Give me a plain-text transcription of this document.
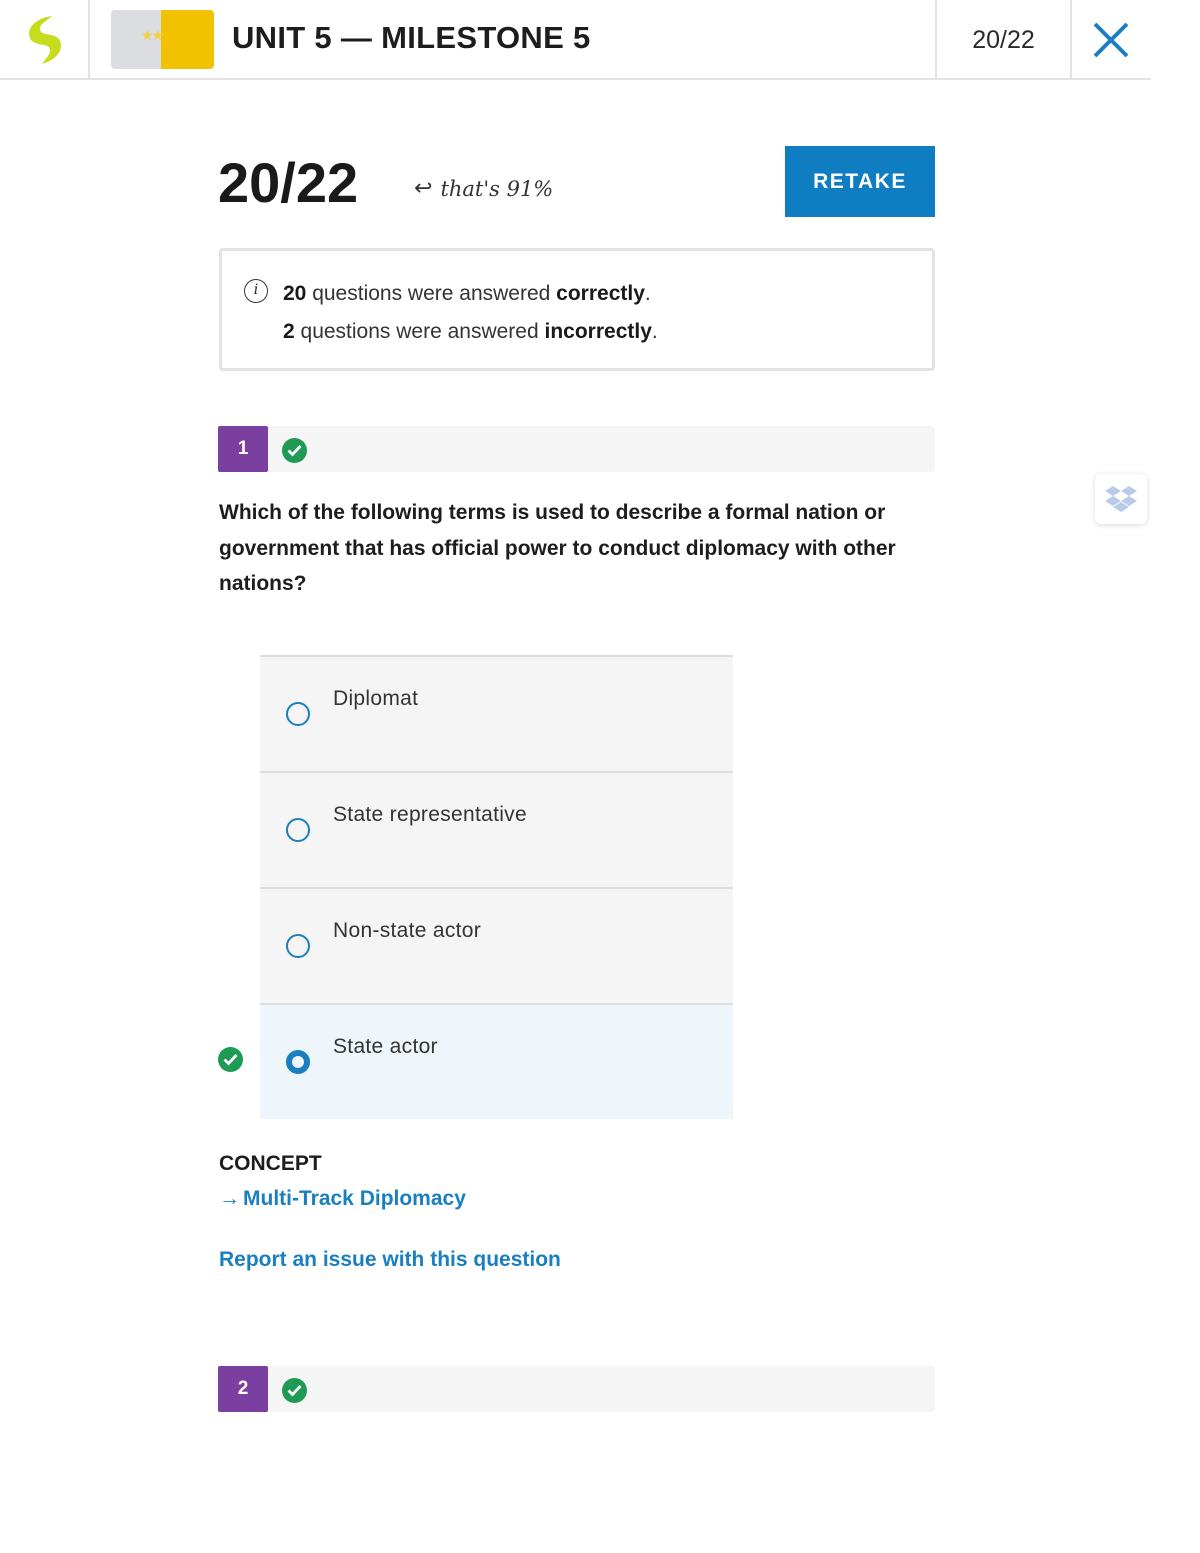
★★ UNIT 5 — MILESTONE 5	20/22
20/22	↩ that's 91%	RETAKE
i	20 questions were answered correctly.
2 questions were answered incorrectly.
1
Which of the following terms is used to describe a formal nation or government that has official power to conduct diplomacy with other nations?
Diplomat
State representative
Non-state actor
State actor
CONCEPT
→ Multi-Track Diplomacy
Report an issue with this question
2
